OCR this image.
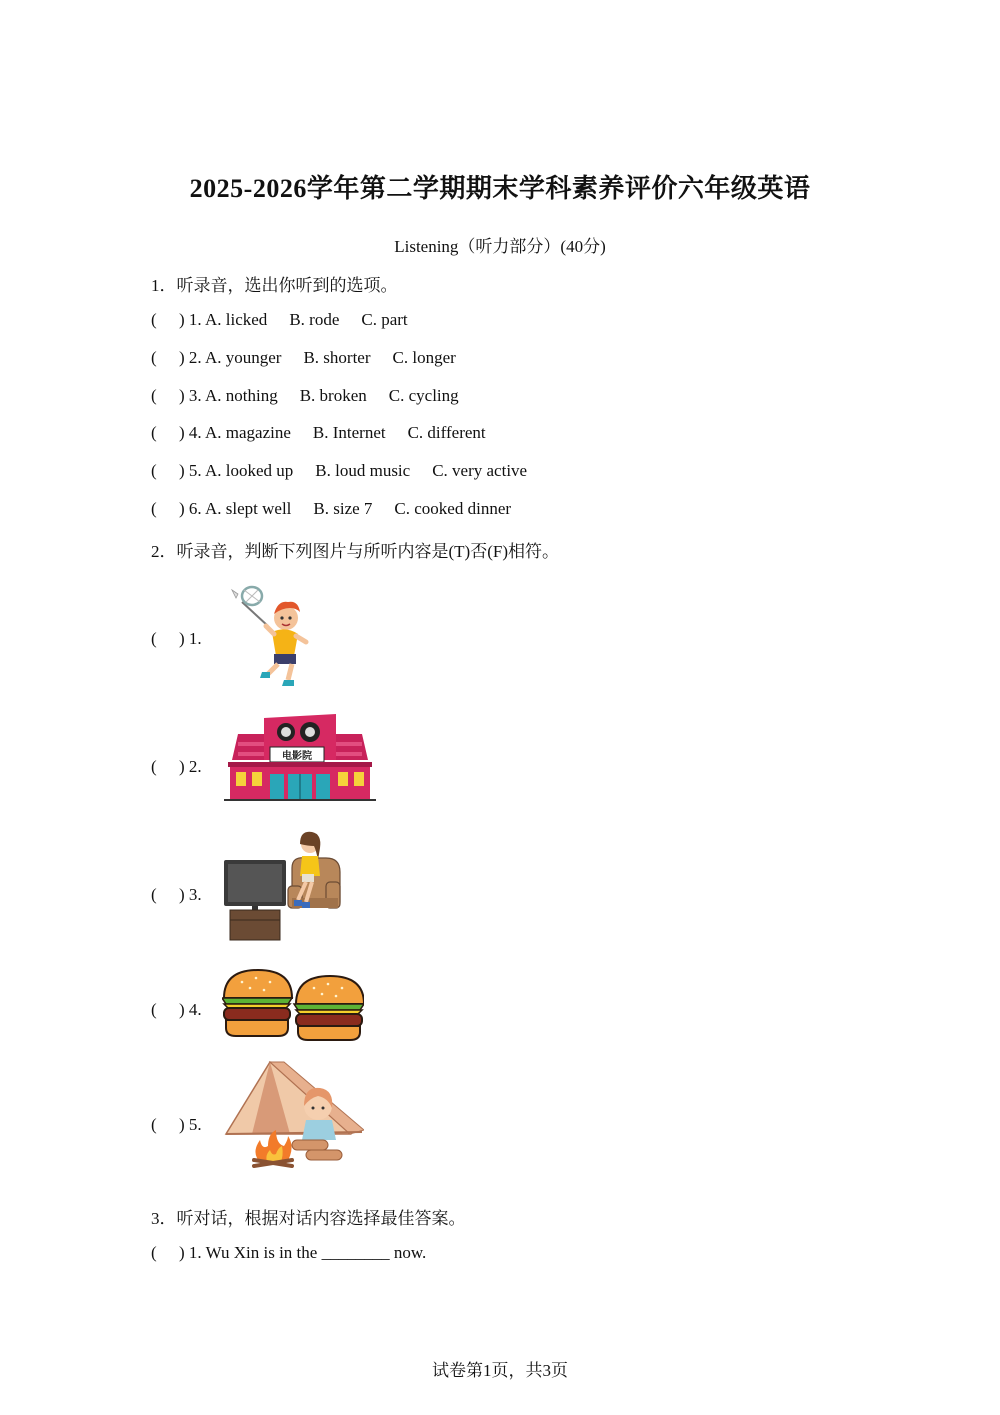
2025-2026学年第二学期期末学科素养评价六年级英语
Listening（听力部分）(40分)
1．听录音，选出你听到的选项。
( ) 1. A. licked B. rode C. part
( ) 2. A. younger B. shorter C. longer
( ) 3. A. nothing B. broken C. cycling
( ) 4. A. magazine B. Internet C. different
( ) 5. A. looked up B. loud music C. very active
( ) 6. A. slept well B. size 7 C. cooked dinner
2．听录音，判断下列图片与所听内容是(T)否(F)相符。
( ) 1.
( ) 2.
电影院
( ) 3.
( ) 4.
( ) 5.
3．听对话，根据对话内容选择最佳答案。
( ) 1. Wu Xin is in the ________ now.
试卷第1页，共3页
